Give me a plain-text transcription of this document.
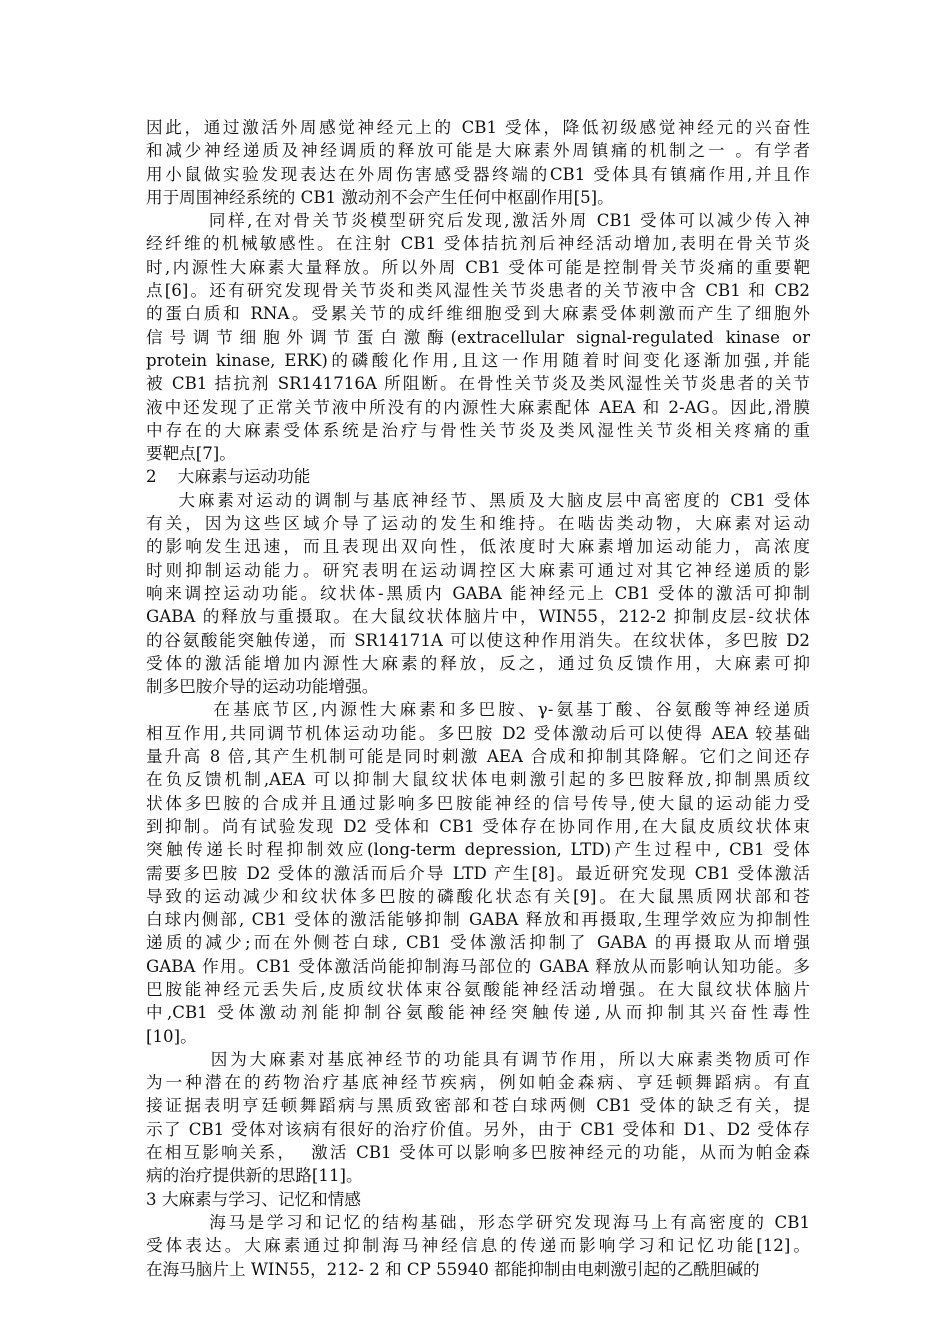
因此，通过激活外周感觉神经元上的 CB1 受体，降低初级感觉神经元的兴奋性
和减少神经递质及神经调质的释放可能是大麻素外周镇痛的机制之一 。有学者
用小鼠做实验发现表达在外周伤害感受器终端的CB1 受体具有镇痛作用,并且作
用于周围神经系统的 CB1 激动剂不会产生任何中枢副作用[5]。
同样,在对骨关节炎模型研究后发现,激活外周 CB1 受体可以减少传入神
经纤维的机械敏感性。在注射 CB1 受体拮抗剂后神经活动增加,表明在骨关节炎
时,内源性大麻素大量释放。所以外周 CB1 受体可能是控制骨关节炎痛的重要靶
点[6]。还有研究发现骨关节炎和类风湿性关节炎患者的关节液中含 CB1 和 CB2
的蛋白质和 RNA。受累关节的成纤维细胞受到大麻素受体刺激而产生了细胞外
信号调节细胞外调节蛋白激酶(extracellular signal-regulated kinase or
protein kinase, ERK)的磷酸化作用,且这一作用随着时间变化逐渐加强,并能
被 CB1 拮抗剂 SR141716A 所阻断。在骨性关节炎及类风湿性关节炎患者的关节
液中还发现了正常关节液中所没有的内源性大麻素配体 AEA 和 2-AG。因此,滑膜
中存在的大麻素受体系统是治疗与骨性关节炎及类风湿性关节炎相关疼痛的重
要靶点[7]。
2    大麻素与运动功能
大麻素对运动的调制与基底神经节、黑质及大脑皮层中高密度的 CB1 受体
有关，因为这些区域介导了运动的发生和维持。在啮齿类动物，大麻素对运动
的影响发生迅速，而且表现出双向性，低浓度时大麻素增加运动能力，高浓度
时则抑制运动能力。研究表明在运动调控区大麻素可通过对其它神经递质的影
响来调控运动功能。纹状体-黑质内 GABA 能神经元上 CB1 受体的激活可抑制
GABA 的释放与重摄取。在大鼠纹状体脑片中，WIN55，212-2 抑制皮层-纹状体
的谷氨酸能突触传递，而 SR14171A 可以使这种作用消失。在纹状体，多巴胺 D2
受体的激活能增加内源性大麻素的释放，反之，通过负反馈作用，大麻素可抑
制多巴胺介导的运动功能增强。
在基底节区,内源性大麻素和多巴胺、γ-氨基丁酸、谷氨酸等神经递质
相互作用,共同调节机体运动功能。多巴胺 D2 受体激动后可以使得 AEA 较基础
量升高 8 倍,其产生机制可能是同时刺激 AEA 合成和抑制其降解。它们之间还存
在负反馈机制,AEA 可以抑制大鼠纹状体电刺激引起的多巴胺释放,抑制黑质纹
状体多巴胺的合成并且通过影响多巴胺能神经的信号传导,使大鼠的运动能力受
到抑制。尚有试验发现 D2 受体和 CB1 受体存在协同作用,在大鼠皮质纹状体束
突触传递长时程抑制效应(long-term depression, LTD)产生过程中, CB1 受体
需要多巴胺 D2 受体的激活而后介导 LTD 产生[8]。最近研究发现 CB1 受体激活
导致的运动减少和纹状体多巴胺的磷酸化状态有关[9]。在大鼠黑质网状部和苍
白球内侧部, CB1 受体的激活能够抑制 GABA 释放和再摄取,生理学效应为抑制性
递质的减少;而在外侧苍白球, CB1 受体激活抑制了 GABA 的再摄取从而增强
GABA 作用。CB1 受体激活尚能抑制海马部位的 GABA 释放从而影响认知功能。多
巴胺能神经元丢失后,皮质纹状体束谷氨酸能神经活动增强。在大鼠纹状体脑片
中,CB1 受体激动剂能抑制谷氨酸能神经突触传递,从而抑制其兴奋性毒性
[10]。
因为大麻素对基底神经节的功能具有调节作用，所以大麻素类物质可作
为一种潜在的药物治疗基底神经节疾病，例如帕金森病、亨廷顿舞蹈病。有直
接证据表明亨廷顿舞蹈病与黑质致密部和苍白球两侧 CB1 受体的缺乏有关，提
示了 CB1 受体对该病有很好的治疗价值。另外，由于 CB1 受体和 D1、D2 受体存
在相互影响关系，  激活 CB1 受体可以影响多巴胺神经元的功能，从而为帕金森
病的治疗提供新的思路[11]。
3 大麻素与学习、记忆和情感
海马是学习和记忆的结构基础，形态学研究发现海马上有高密度的 CB1
受体表达。大麻素通过抑制海马神经信息的传递而影响学习和记忆功能[12]。
在海马脑片上 WIN55，212- 2 和 CP 55940 都能抑制由电刺激引起的乙酰胆碱的
